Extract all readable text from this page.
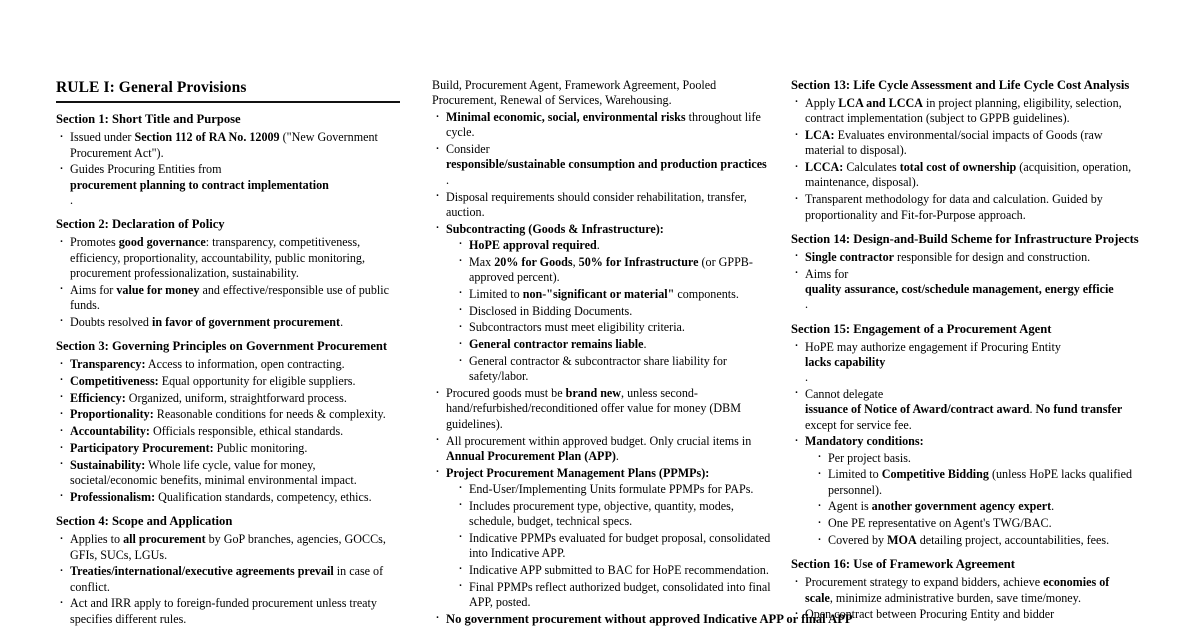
RULE I: General Provisions
Section 1: Short Title and Purpose
· Issued under Section 112 of RA No. 12009 ("New Government Procurement Act").
· Guides Procuring Entities from
procurement planning to contract implementation
.
Section 2: Declaration of Policy
· Promotes good governance: transparency, competitiveness, efficiency, proportionality, accountability, public monitoring, procurement professionalization, sustainability.
· Aims for value for money and effective/responsible use of public funds.
· Doubts resolved in favor of government procurement.
Section 3: Governing Principles on Government Procurement
· Transparency: Access to information, open contracting.
· Competitiveness: Equal opportunity for eligible suppliers.
· Efficiency: Organized, uniform, straightforward process.
· Proportionality: Reasonable conditions for needs & complexity.
· Accountability: Officials responsible, ethical standards.
· Participatory Procurement: Public monitoring.
· Sustainability: Whole life cycle, value for money, societal/economic benefits, minimal environmental impact.
· Professionalism: Qualification standards, competency, ethics.
Section 4: Scope and Application
· Applies to all procurement by GoP branches, agencies, GOCCs, GFIs, SUCs, LGUs.
· Treaties/international/executive agreements prevail in case of conflict.
· Act and IRR apply to foreign-funded procurement unless treaty specifies different rules.
Build, Procurement Agent, Framework Agreement, Pooled Procurement, Renewal of Services, Warehousing.
· Minimal economic, social, environmental risks throughout life cycle.
· Consider
responsible/sustainable consumption and production practices
.
· Disposal requirements should consider rehabilitation, transfer, auction.
· Subcontracting (Goods & Infrastructure):
· HoPE approval required.
· Max 20% for Goods, 50% for Infrastructure (or GPPB-approved percent).
· Limited to non-"significant or material" components.
· Disclosed in Bidding Documents.
· Subcontractors must meet eligibility criteria.
· General contractor remains liable.
· General contractor & subcontractor share liability for safety/labor.
· Procured goods must be brand new, unless second-hand/refurbished/reconditioned offer value for money (DBM guidelines).
· All procurement within approved budget. Only crucial items in Annual Procurement Plan (APP).
· Project Procurement Management Plans (PPMPs):
· End-User/Implementing Units formulate PPMPs for PAPs.
· Includes procurement type, objective, quantity, modes, schedule, budget, technical specs.
· Indicative PPMPs evaluated for budget proposal, consolidated into Indicative APP.
· Indicative APP submitted to BAC for HoPE recommendation.
· Final PPMPs reflect authorized budget, consolidated into final APP, posted.
· No government procurement without approved Indicative APP or final APP
Section 13: Life Cycle Assessment and Life Cycle Cost Analysis
· Apply LCA and LCCA in project planning, eligibility, selection, contract implementation (subject to GPPB guidelines).
· LCA: Evaluates environmental/social impacts of Goods (raw material to disposal).
· LCCA: Calculates total cost of ownership (acquisition, operation, maintenance, disposal).
· Transparent methodology for data and calculation. Guided by proportionality and Fit-for-Purpose approach.
Section 14: Design-and-Build Scheme for Infrastructure Projects
· Single contractor responsible for design and construction.
· Aims for
quality assurance, cost/schedule management, energy efficie
.
Section 15: Engagement of a Procurement Agent
· HoPE may authorize engagement if Procuring Entity
lacks capability
.
· Cannot delegate
issuance of Notice of Award/contract award. No fund transfer except for service fee.
· Mandatory conditions:
· Per project basis.
· Limited to Competitive Bidding (unless HoPE lacks qualified personnel).
· Agent is another government agency expert.
· One PE representative on Agent's TWG/BAC.
· Covered by MOA detailing project, accountabilities, fees.
Section 16: Use of Framework Agreement
· Procurement strategy to expand bidders, achieve economies of scale, minimize administrative burden, save time/money.
· Open contract between Procuring Entity and bidder
